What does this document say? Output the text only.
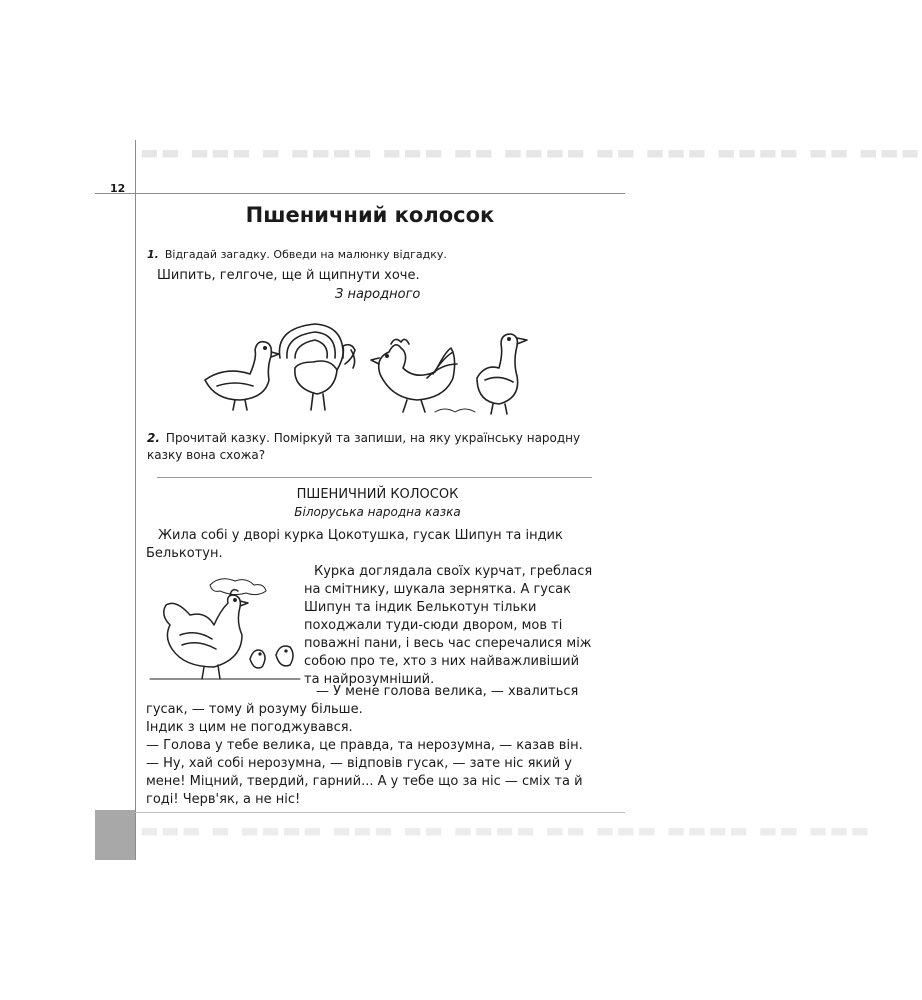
▬▬ ▬▬▬ ▬ ▬▬▬▬ ▬▬▬ ▬▬ ▬▬▬▬ ▬▬ ▬▬▬ ▬▬▬▬ ▬▬ ▬▬▬
▬▬▬ ▬ ▬▬▬▬ ▬▬▬ ▬▬ ▬▬▬▬ ▬▬ ▬▬▬ ▬▬▬▬ ▬▬ ▬▬▬
12
Пшеничний колосок
1. Відгадай загадку. Обведи на малюнку відгадку.
Шипить, гелгоче, ще й щипнути хоче.
З народного
2. Прочитай казку. Поміркуй та запиши, на яку українську народну казку вона схожа?
ПШЕНИЧНИЙ КОЛОСОК
Білоруська народна казка
Жила собі у дворі курка Цокотушка, гусак Шипун та індик Белькотун.
Курка доглядала своїх курчат, греблася на смітнику, шукала зернятка. А гусак Шипун та індик Белькотун тільки походжали туди-сюди двором, мов ті поважні пани, і весь час сперечалися між собою про те, хто з них найважливіший та найрозумніший.
— У мене голова велика, — хвалиться гусак, — тому й розуму більше.
Індик з цим не погоджувався.
— Голова у тебе велика, це правда, та нерозумна, — казав він.
— Ну, хай собі нерозумна, — відповів гусак, — зате ніс який у мене! Міцний, твердий, гарний... А у тебе що за ніс — сміх та й годі! Черв'як, а не ніс!
